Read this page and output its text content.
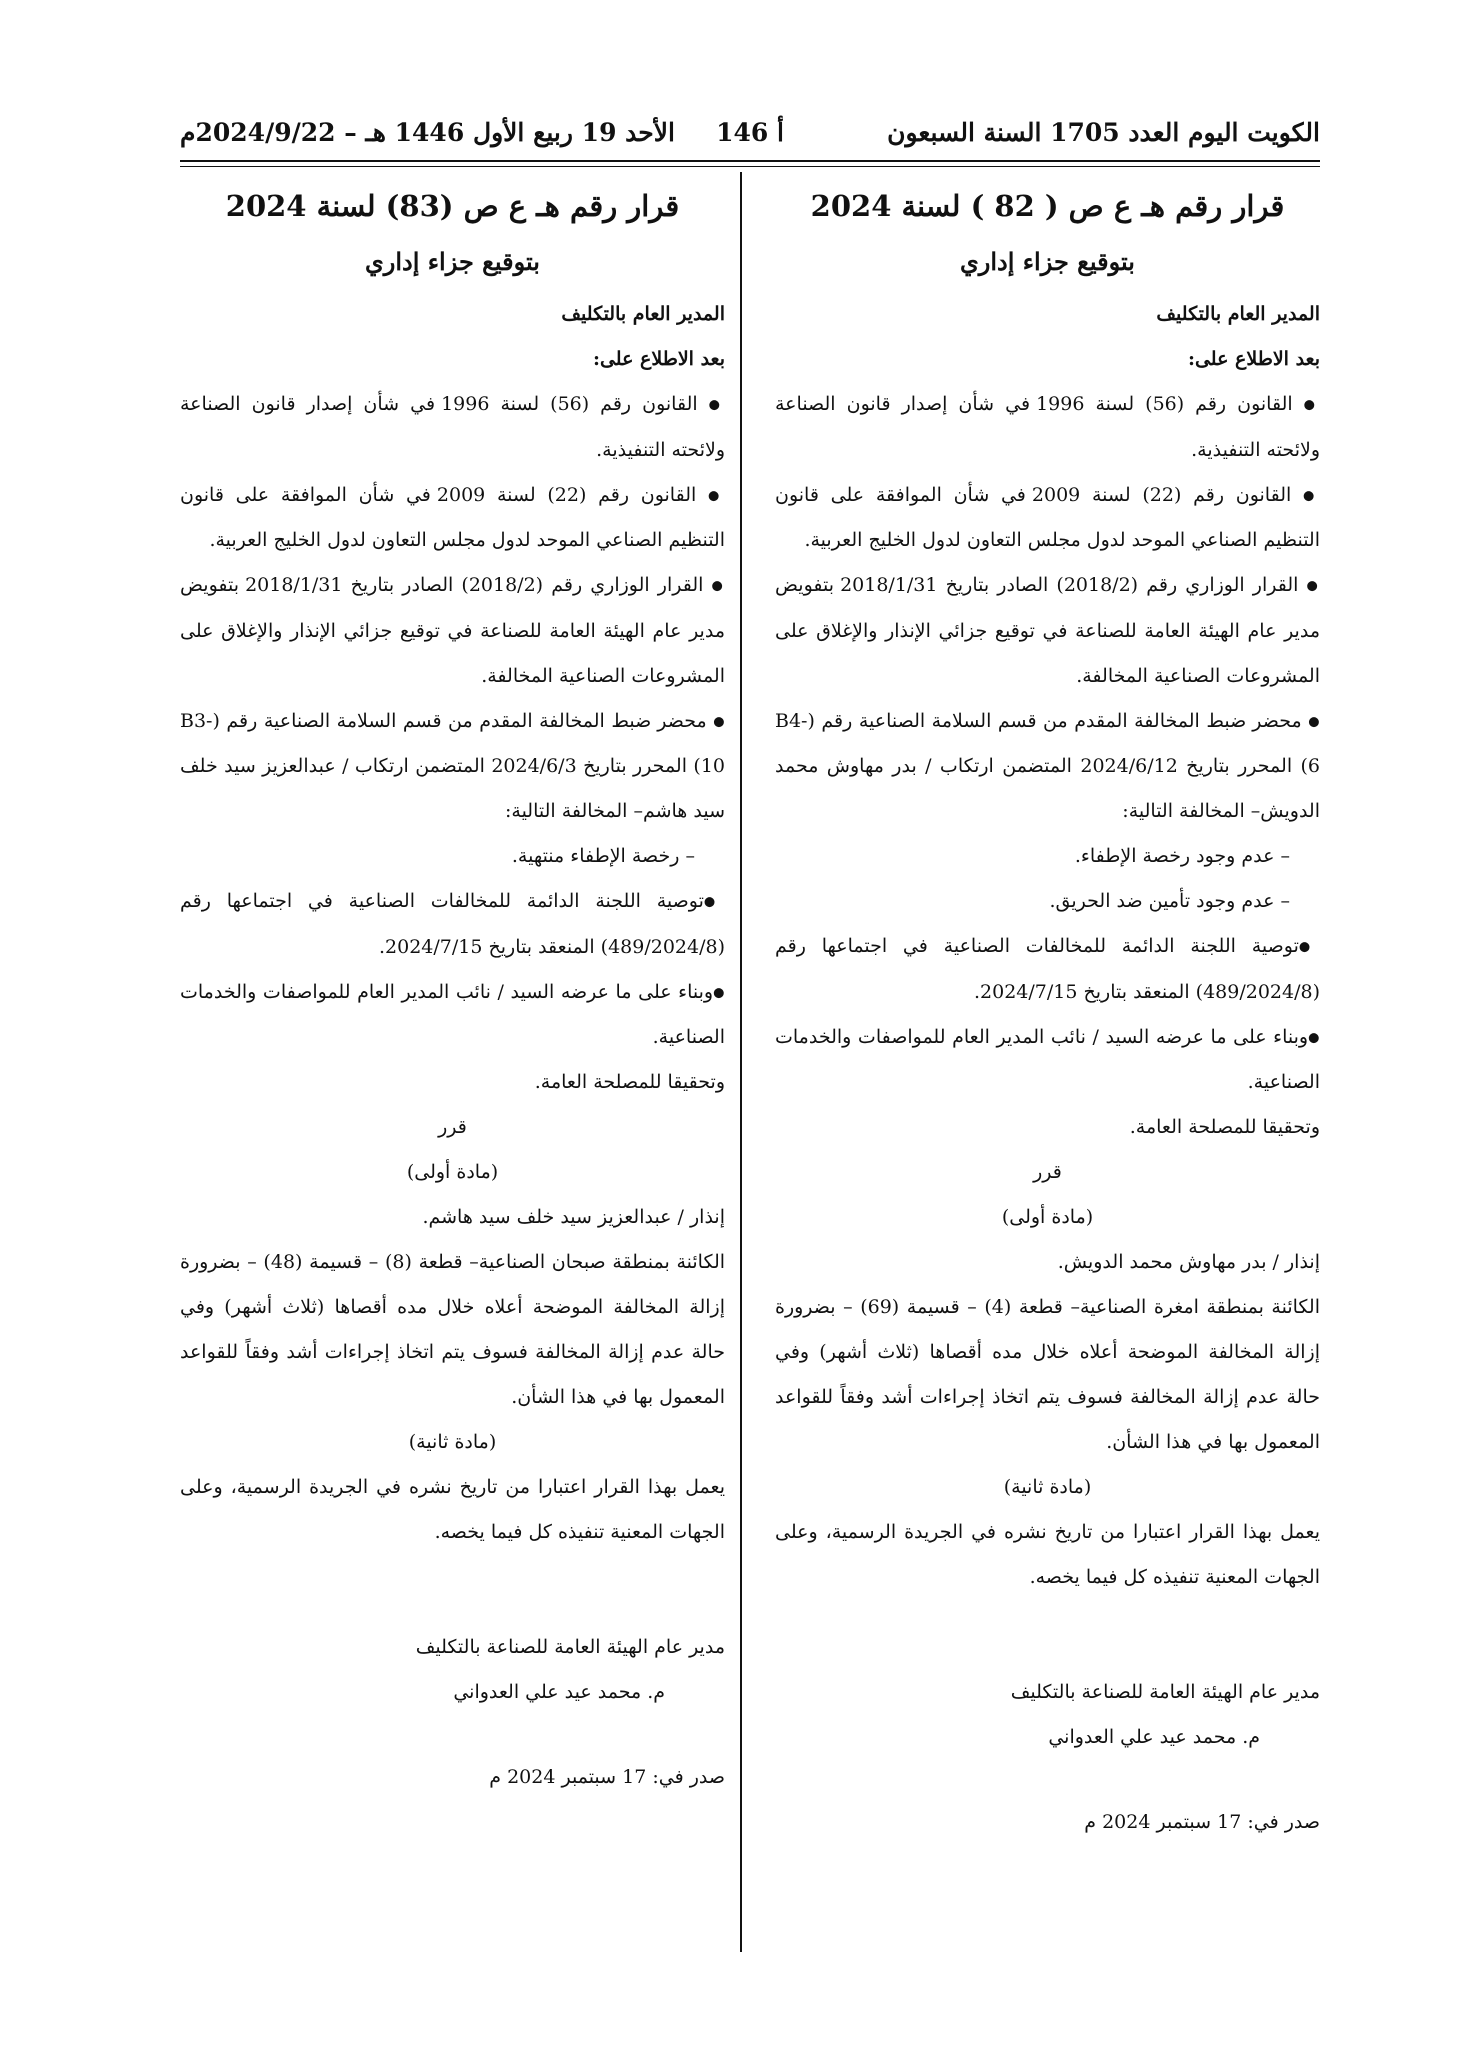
الكويت اليوم العدد 1705 السنة السبعون
أ 146
الأحد 19 ربيع الأول 1446 هـ – 2024/9/22م

قرار رقم هـ ع ص ( 82 ) لسنة 2024

بتوقيع جزاء إداري

المدير العام بالتكليف

بعد الاطلاع على:

● القانون رقم (56) لسنة 1996 في شأن إصدار قانون الصناعة ولائحته التنفيذية.

● القانون رقم (22) لسنة 2009 في شأن الموافقة على قانون التنظيم الصناعي الموحد لدول مجلس التعاون لدول الخليج العربية.

● القرار الوزاري رقم (2018/2) الصادر بتاريخ 2018/1/31 بتفويض مدير عام الهيئة العامة للصناعة في توقيع جزائي الإنذار والإغلاق على المشروعات الصناعية المخالفة.

● محضر ضبط المخالفة المقدم من قسم السلامة الصناعية رقم (B4-6) المحرر بتاريخ 2024/6/12 المتضمن ارتكاب / بدر مهاوش محمد الدويش– المخالفة التالية:

– عدم وجود رخصة الإطفاء.

– عدم وجود تأمين ضد الحريق.

●توصية اللجنة الدائمة للمخالفات الصناعية في اجتماعها رقم (489/2024/8) المنعقد بتاريخ 2024/7/15.

●وبناء على ما عرضه السيد / نائب المدير العام للمواصفات والخدمات الصناعية.

وتحقيقا للمصلحة العامة.

قرر

(مادة أولى)

إنذار / بدر مهاوش محمد الدويش.

الكائنة بمنطقة امغرة الصناعية– قطعة (4) – قسيمة (69) – بضرورة إزالة المخالفة الموضحة أعلاه خلال مده أقصاها (ثلاث أشهر) وفي حالة عدم إزالة المخالفة فسوف يتم اتخاذ إجراءات أشد وفقاً للقواعد المعمول بها في هذا الشأن.

(مادة ثانية)

يعمل بهذا القرار اعتبارا من تاريخ نشره في الجريدة الرسمية، وعلى الجهات المعنية تنفيذه كل فيما يخصه.

مدير عام الهيئة العامة للصناعة بالتكليف

م. محمد عيد علي العدواني

صدر في: 17 سبتمبر 2024 م

قرار رقم هـ ع ص (83) لسنة 2024

بتوقيع جزاء إداري

المدير العام بالتكليف

بعد الاطلاع على:

● القانون رقم (56) لسنة 1996 في شأن إصدار قانون الصناعة ولائحته التنفيذية.

● القانون رقم (22) لسنة 2009 في شأن الموافقة على قانون التنظيم الصناعي الموحد لدول مجلس التعاون لدول الخليج العربية.

● القرار الوزاري رقم (2018/2) الصادر بتاريخ 2018/1/31 بتفويض مدير عام الهيئة العامة للصناعة في توقيع جزائي الإنذار والإغلاق على المشروعات الصناعية المخالفة.

● محضر ضبط المخالفة المقدم من قسم السلامة الصناعية رقم (B3-10) المحرر بتاريخ 2024/6/3 المتضمن ارتكاب / عبدالعزيز سيد خلف سيد هاشم– المخالفة التالية:

– رخصة الإطفاء منتهية.

●توصية اللجنة الدائمة للمخالفات الصناعية في اجتماعها رقم (489/2024/8) المنعقد بتاريخ 2024/7/15.

●وبناء على ما عرضه السيد / نائب المدير العام للمواصفات والخدمات الصناعية.

وتحقيقا للمصلحة العامة.

قرر

(مادة أولى)

إنذار / عبدالعزيز سيد خلف سيد هاشم.

الكائنة بمنطقة صبحان الصناعية– قطعة (8) – قسيمة (48) – بضرورة إزالة المخالفة الموضحة أعلاه خلال مده أقصاها (ثلاث أشهر) وفي حالة عدم إزالة المخالفة فسوف يتم اتخاذ إجراءات أشد وفقاً للقواعد المعمول بها في هذا الشأن.

(مادة ثانية)

يعمل بهذا القرار اعتبارا من تاريخ نشره في الجريدة الرسمية، وعلى الجهات المعنية تنفيذه كل فيما يخصه.

مدير عام الهيئة العامة للصناعة بالتكليف

م. محمد عيد علي العدواني

صدر في: 17 سبتمبر 2024 م
